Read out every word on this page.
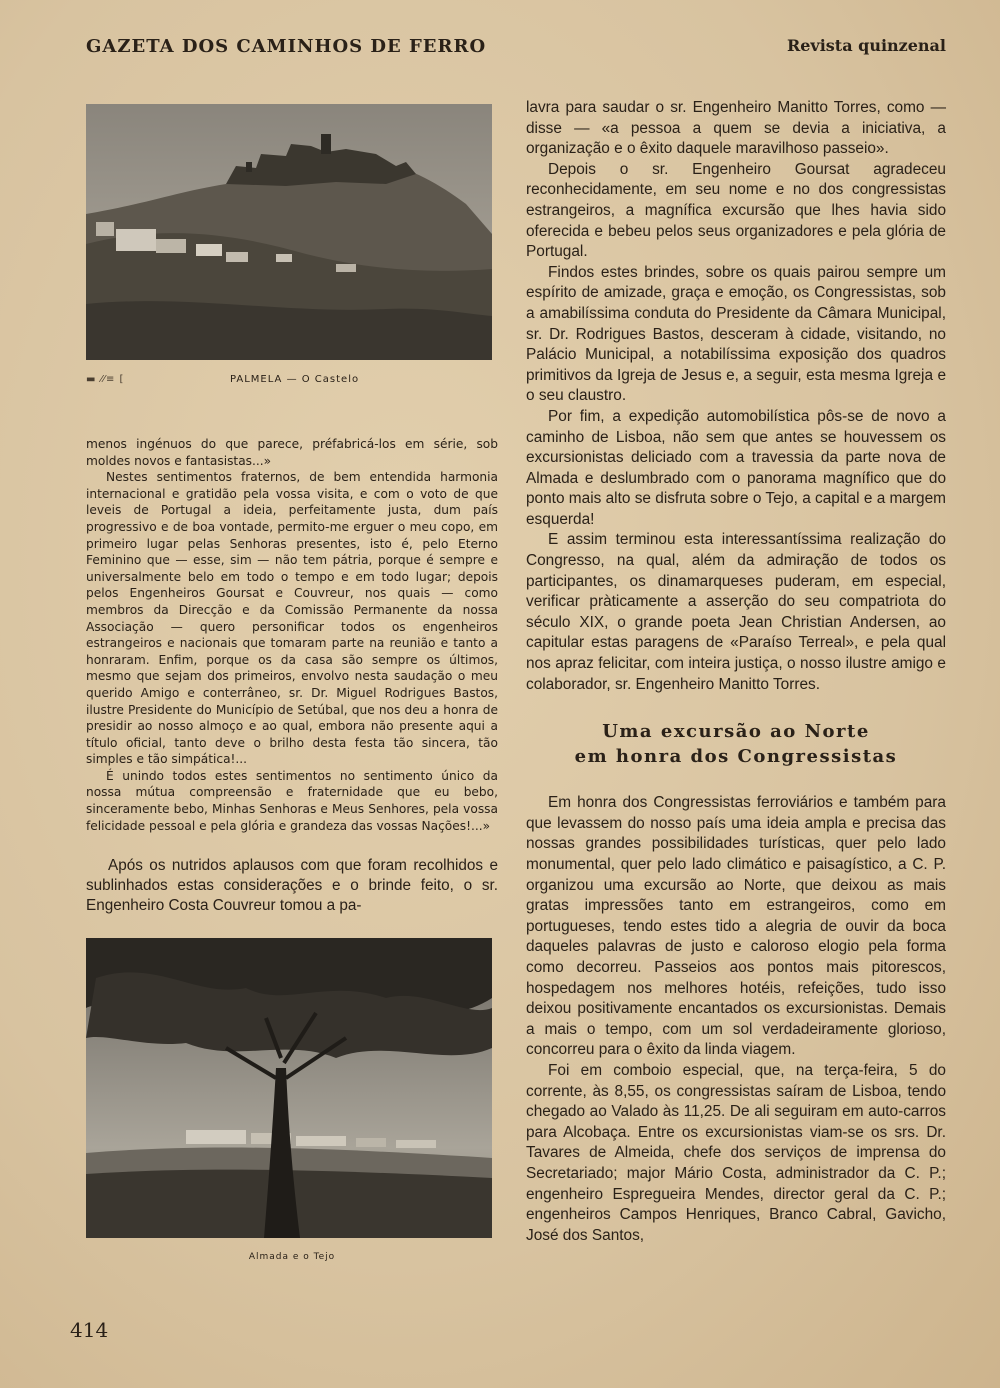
GAZETA DOS CAMINHOS DE FERRO	Revista quinzenal
▬ ⁄⁄≡ [	PALMELA — O Castelo

menos ingénuos do que parece, préfabricá-los em série, sob moldes novos e fantasistas...»

Nestes sentimentos fraternos, de bem entendida harmonia internacional e gratidão pela vossa visita, e com o voto de que leveis de Portugal a ideia, perfeitamente justa, dum país progressivo e de boa vontade, permito-me erguer o meu copo, em primeiro lugar pelas Senhoras presentes, isto é, pelo Eterno Feminino que — esse, sim — não tem pátria, porque é sempre e universalmente belo em todo o tempo e em todo lugar; depois pelos Engenheiros Goursat e Couvreur, nos quais — como membros da Direcção e da Comissão Permanente da nossa Associação — quero personificar todos os engenheiros estrangeiros e nacionais que tomaram parte na reunião e tanto a honraram. Enfim, porque os da casa são sempre os últimos, mesmo que sejam dos primeiros, envolvo nesta saudação o meu querido Amigo e conterrâneo, sr. Dr. Miguel Rodrigues Bastos, ilustre Presidente do Município de Setúbal, que nos deu a honra de presidir ao nosso almoço e ao qual, embora não presente aqui a título oficial, tanto deve o brilho desta festa tão sincera, tão simples e tão simpática!...

É unindo todos estes sentimentos no sentimento único da nossa mútua compreensão e fraternidade que eu bebo, sinceramente bebo, Minhas Senhoras e Meus Senhores, pela vossa felicidade pessoal e pela glória e grandeza das vossas Nações!...»

Após os nutridos aplausos com que foram recolhidos e sublinhados estas considerações e o brinde feito, o sr. Engenheiro Costa Couvreur tomou a pa-

Almada e o Tejo

lavra para saudar o sr. Engenheiro Manitto Torres, como — disse — «a pessoa a quem se devia a iniciativa, a organização e o êxito daquele maravilhoso passeio».

Depois o sr. Engenheiro Goursat agradeceu reconhecidamente, em seu nome e no dos congressistas estrangeiros, a magnífica excursão que lhes havia sido oferecida e bebeu pelos seus organizadores e pela glória de Portugal.

Findos estes brindes, sobre os quais pairou sempre um espírito de amizade, graça e emoção, os Congressistas, sob a amabilíssima conduta do Presidente da Câmara Municipal, sr. Dr. Rodrigues Bastos, desceram à cidade, visitando, no Palácio Municipal, a notabilíssima exposição dos quadros primitivos da Igreja de Jesus e, a seguir, esta mesma Igreja e o seu claustro.

Por fim, a expedição automobilística pôs-se de novo a caminho de Lisboa, não sem que antes se houvessem os excursionistas deliciado com a travessia da parte nova de Almada e deslumbrado com o panorama magnífico que do ponto mais alto se disfruta sobre o Tejo, a capital e a margem esquerda!

E assim terminou esta interessantíssima realização do Congresso, na qual, além da admiração de todos os participantes, os dinamarqueses puderam, em especial, verificar pràticamente a asserção do seu compatriota do século XIX, o grande poeta Jean Christian Andersen, ao capitular estas paragens de «Paraíso Terreal», e pela qual nos apraz felicitar, com inteira justiça, o nosso ilustre amigo e colaborador, sr. Engenheiro Manitto Torres.

Uma excursão ao Norte
em honra dos Congressistas

Em honra dos Congressistas ferroviários e também para que levassem do nosso país uma ideia ampla e precisa das nossas grandes possibilidades turísticas, quer pelo lado monumental, quer pelo lado climático e paisagístico, a C. P. organizou uma excursão ao Norte, que deixou as mais gratas impressões tanto em estrangeiros, como em portugueses, tendo estes tido a alegria de ouvir da boca daqueles palavras de justo e caloroso elogio pela forma como decorreu. Passeios aos pontos mais pitorescos, hospedagem nos melhores hotéis, refeições, tudo isso deixou positivamente encantados os excursionistas. Demais a mais o tempo, com um sol verdadeiramente glorioso, concorreu para o êxito da linda viagem.

Foi em comboio especial, que, na terça-feira, 5 do corrente, às 8,55, os congressistas saíram de Lisboa, tendo chegado ao Valado às 11,25. De ali seguiram em auto-carros para Alcobaça. Entre os excursionistas viam-se os srs. Dr. Tavares de Almeida, chefe dos serviços de imprensa do Secretariado; major Mário Costa, administrador da C. P.; engenheiro Espregueira Mendes, director geral da C. P.; engenheiros Campos Henriques, Branco Cabral, Gavicho, José dos Santos,

414
